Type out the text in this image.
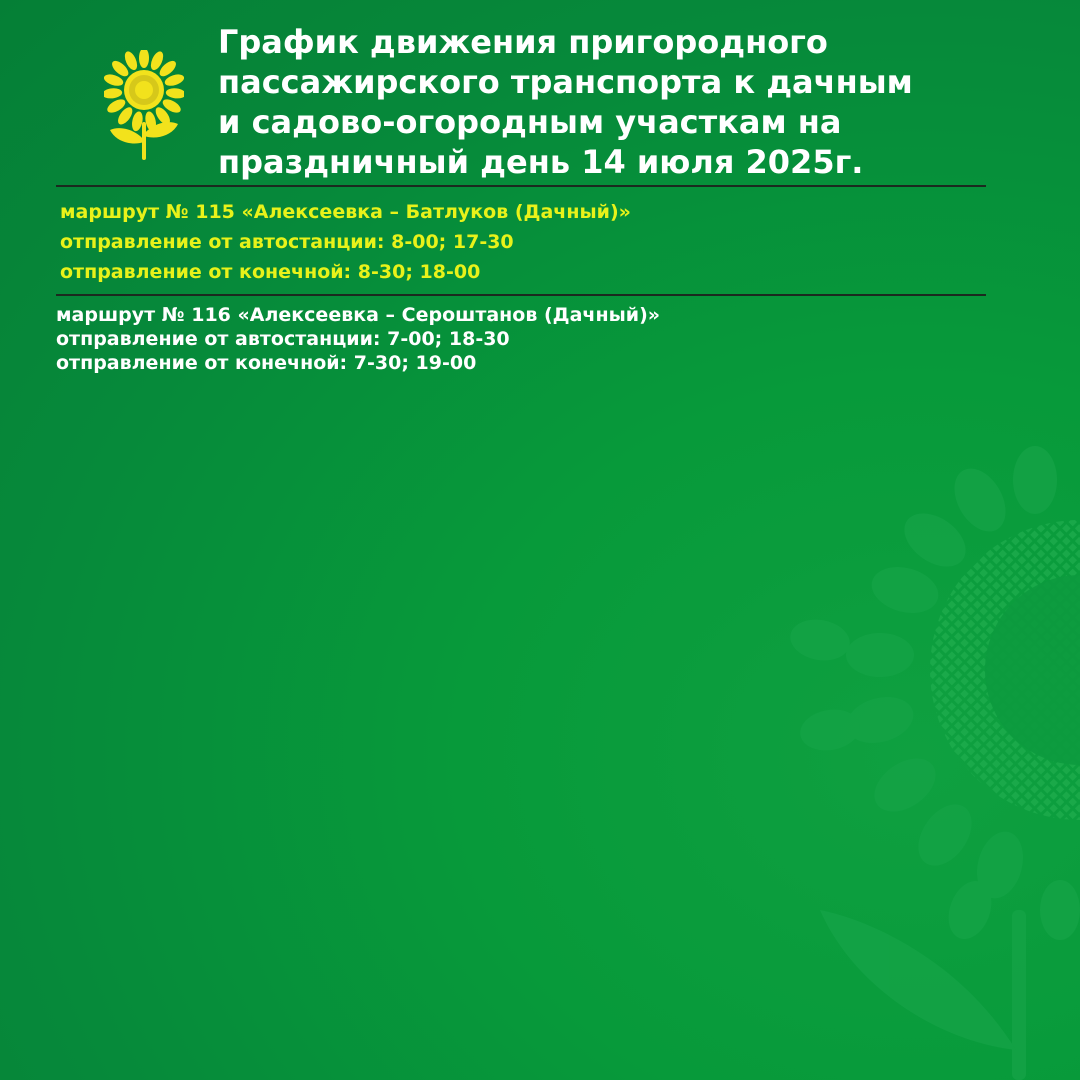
График движения пригородного
пассажирского транспорта к дачным
и садово-огородным участкам на
праздничный день 14 июля 2025г.
маршрут № 115 «Алексеевка – Батлуков (Дачный)»
отправление от автостанции: 8-00; 17-30
отправление от конечной: 8-30; 18-00
маршрут № 116 «Алексеевка – Сероштанов (Дачный)»
отправление от автостанции: 7-00; 18-30
отправление от конечной: 7-30; 19-00
